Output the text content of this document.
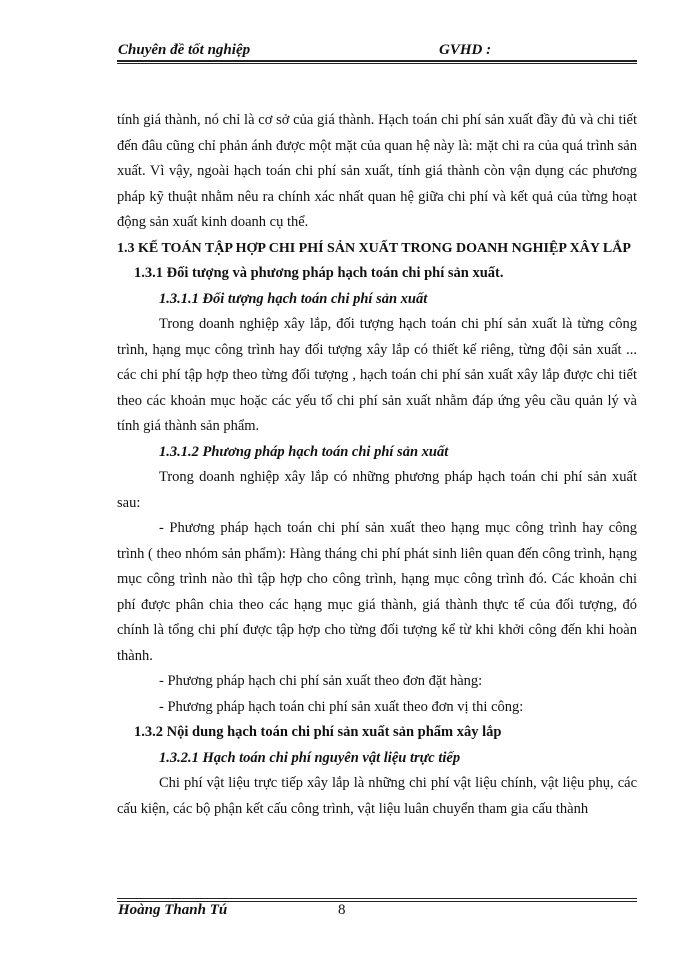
Chuyên đề tốt nghiệp	GVHD :

tính giá thành, nó chỉ là cơ sở của giá thành. Hạch toán chi phí sản xuất đầy đủ và chi tiết đến đâu cũng chỉ phản ánh được một mặt của quan hệ này là: mặt chi ra của quá trình sản xuất. Vì vậy, ngoài hạch toán chi phí sản xuất, tính giá thành còn vận dụng các phương pháp kỹ thuật nhằm nêu ra chính xác nhất quan hệ giữa chi phí và kết quả của từng hoạt động sản xuất kinh doanh cụ thể.

1.3 KẾ TOÁN TẬP HỢP CHI PHÍ SẢN XUẤT TRONG DOANH NGHIỆP XÂY LẮP

1.3.1 Đối tượng và phương pháp hạch toán chi phí sản xuất.

1.3.1.1 Đối tượng hạch toán chi phí sản xuất

Trong doanh nghiệp xây lắp, đối tượng hạch toán chi phí sản xuất là từng công trình, hạng mục công trình hay đối tượng xây lắp có thiết kế riêng, từng đội sản xuất ... các chi phí tập hợp theo từng đối tượng , hạch toán chi phí sản xuất xây lắp được chi tiết theo các khoản mục hoặc các yếu tố chi phí sản xuất nhằm đáp ứng yêu cầu quản lý và tính giá thành sản phẩm.

1.3.1.2 Phương pháp hạch toán chi phí sản xuất

Trong doanh nghiệp xây lắp có những phương pháp hạch toán chi phí sản xuất sau:

- Phương pháp hạch toán chi phí sản xuất theo hạng mục công trình hay công trình ( theo nhóm sản phẩm): Hàng tháng chi phí phát sinh liên quan đến công trình, hạng mục công trình nào thì tập hợp cho công trình, hạng mục công trình đó. Các khoản chi phí được phân chia theo các hạng mục giá thành, giá thành thực tế của đối tượng, đó chính là tổng chi phí được tập hợp cho từng đối tượng kể từ khi khởi công đến khi hoàn thành.

- Phương pháp hạch chi phí sản xuất theo đơn đặt hàng:

- Phương pháp hạch toán chi phí sản xuất theo đơn vị thi công:

1.3.2 Nội dung hạch toán chi phí sản xuất sản phẩm xây lắp

1.3.2.1 Hạch toán chi phí nguyên vật liệu trực tiếp

Chi phí vật liệu trực tiếp xây lắp là những chi phí vật liệu chính, vật liệu phụ, các cấu kiện, các bộ phận kết cấu công trình, vật liệu luân chuyển tham gia cấu thành

Hoàng Thanh Tú	8
